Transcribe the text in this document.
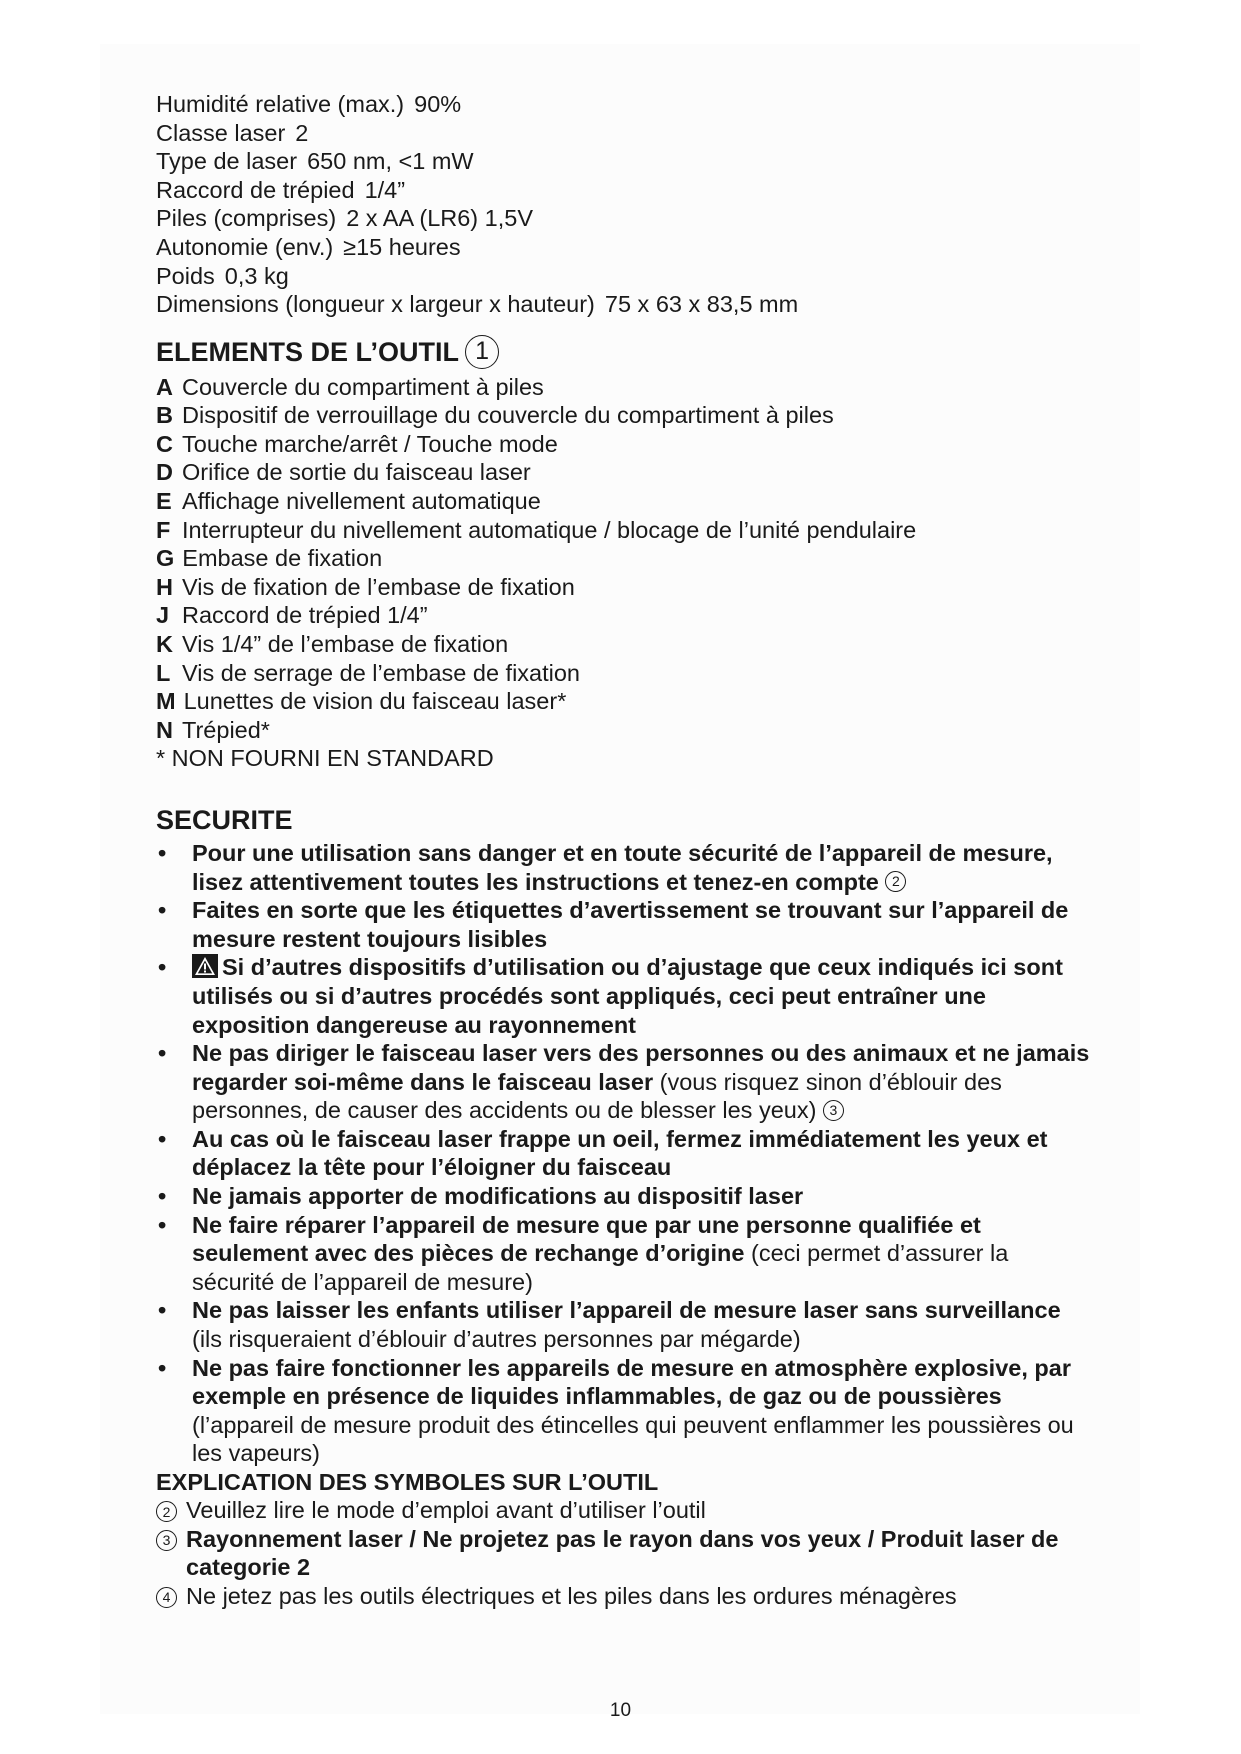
Humidité relative (max.) 90%
Classe laser 2
Type de laser 650 nm, <1 mW
Raccord de trépied 1/4”
Piles (comprises) 2 x AA (LR6) 1,5V
Autonomie (env.) ≥15 heures
Poids 0,3 kg
Dimensions (longueur x largeur x hauteur) 75 x 63 x 83,5 mm
ELEMENTS DE L’OUTIL 1
A Couvercle du compartiment à piles
B Dispositif de verrouillage du couvercle du compartiment à piles
C Touche marche/arrêt / Touche mode
D Orifice de sortie du faisceau laser
E Affichage nivellement automatique
F Interrupteur du nivellement automatique / blocage de l’unité pendulaire
G Embase de fixation
H Vis de fixation de l’embase de fixation
J Raccord de trépied 1/4”
K Vis 1/4” de l’embase de fixation
L Vis de serrage de l’embase de fixation
M Lunettes de vision du faisceau laser*
N Trépied*
* NON FOURNI EN STANDARD
SECURITE
• Pour une utilisation sans danger et en toute sécurité de l’appareil de mesure, lisez attentivement toutes les instructions et tenez-en compte 2
• Faites en sorte que les étiquettes d’avertissement se trouvant sur l’appareil de mesure restent toujours lisibles
• Si d’autres dispositifs d’utilisation ou d’ajustage que ceux indiqués ici sont utilisés ou si d’autres procédés sont appliqués, ceci peut entraîner une exposition dangereuse au rayonnement
• Ne pas diriger le faisceau laser vers des personnes ou des animaux et ne jamais regarder soi-même dans le faisceau laser (vous risquez sinon d’éblouir des personnes, de causer des accidents ou de blesser les yeux) 3
• Au cas où le faisceau laser frappe un oeil, fermez immédiatement les yeux et déplacez la tête pour l’éloigner du faisceau
• Ne jamais apporter de modifications au dispositif laser
• Ne faire réparer l’appareil de mesure que par une personne qualifiée et seulement avec des pièces de rechange d’origine (ceci permet d’assurer la sécurité de l’appareil de mesure)
• Ne pas laisser les enfants utiliser l’appareil de mesure laser sans surveillance (ils risqueraient d’éblouir d’autres personnes par mégarde)
• Ne pas faire fonctionner les appareils de mesure en atmosphère explosive, par exemple en présence de liquides inflammables, de gaz ou de poussières (l’appareil de mesure produit des étincelles qui peuvent enflammer les poussières ou les vapeurs)
EXPLICATION DES SYMBOLES SUR L’OUTIL
2 Veuillez lire le mode d’emploi avant d’utiliser l’outil
3 Rayonnement laser / Ne projetez pas le rayon dans vos yeux / Produit laser de categorie 2
4 Ne jetez pas les outils électriques et les piles dans les ordures ménagères
10
